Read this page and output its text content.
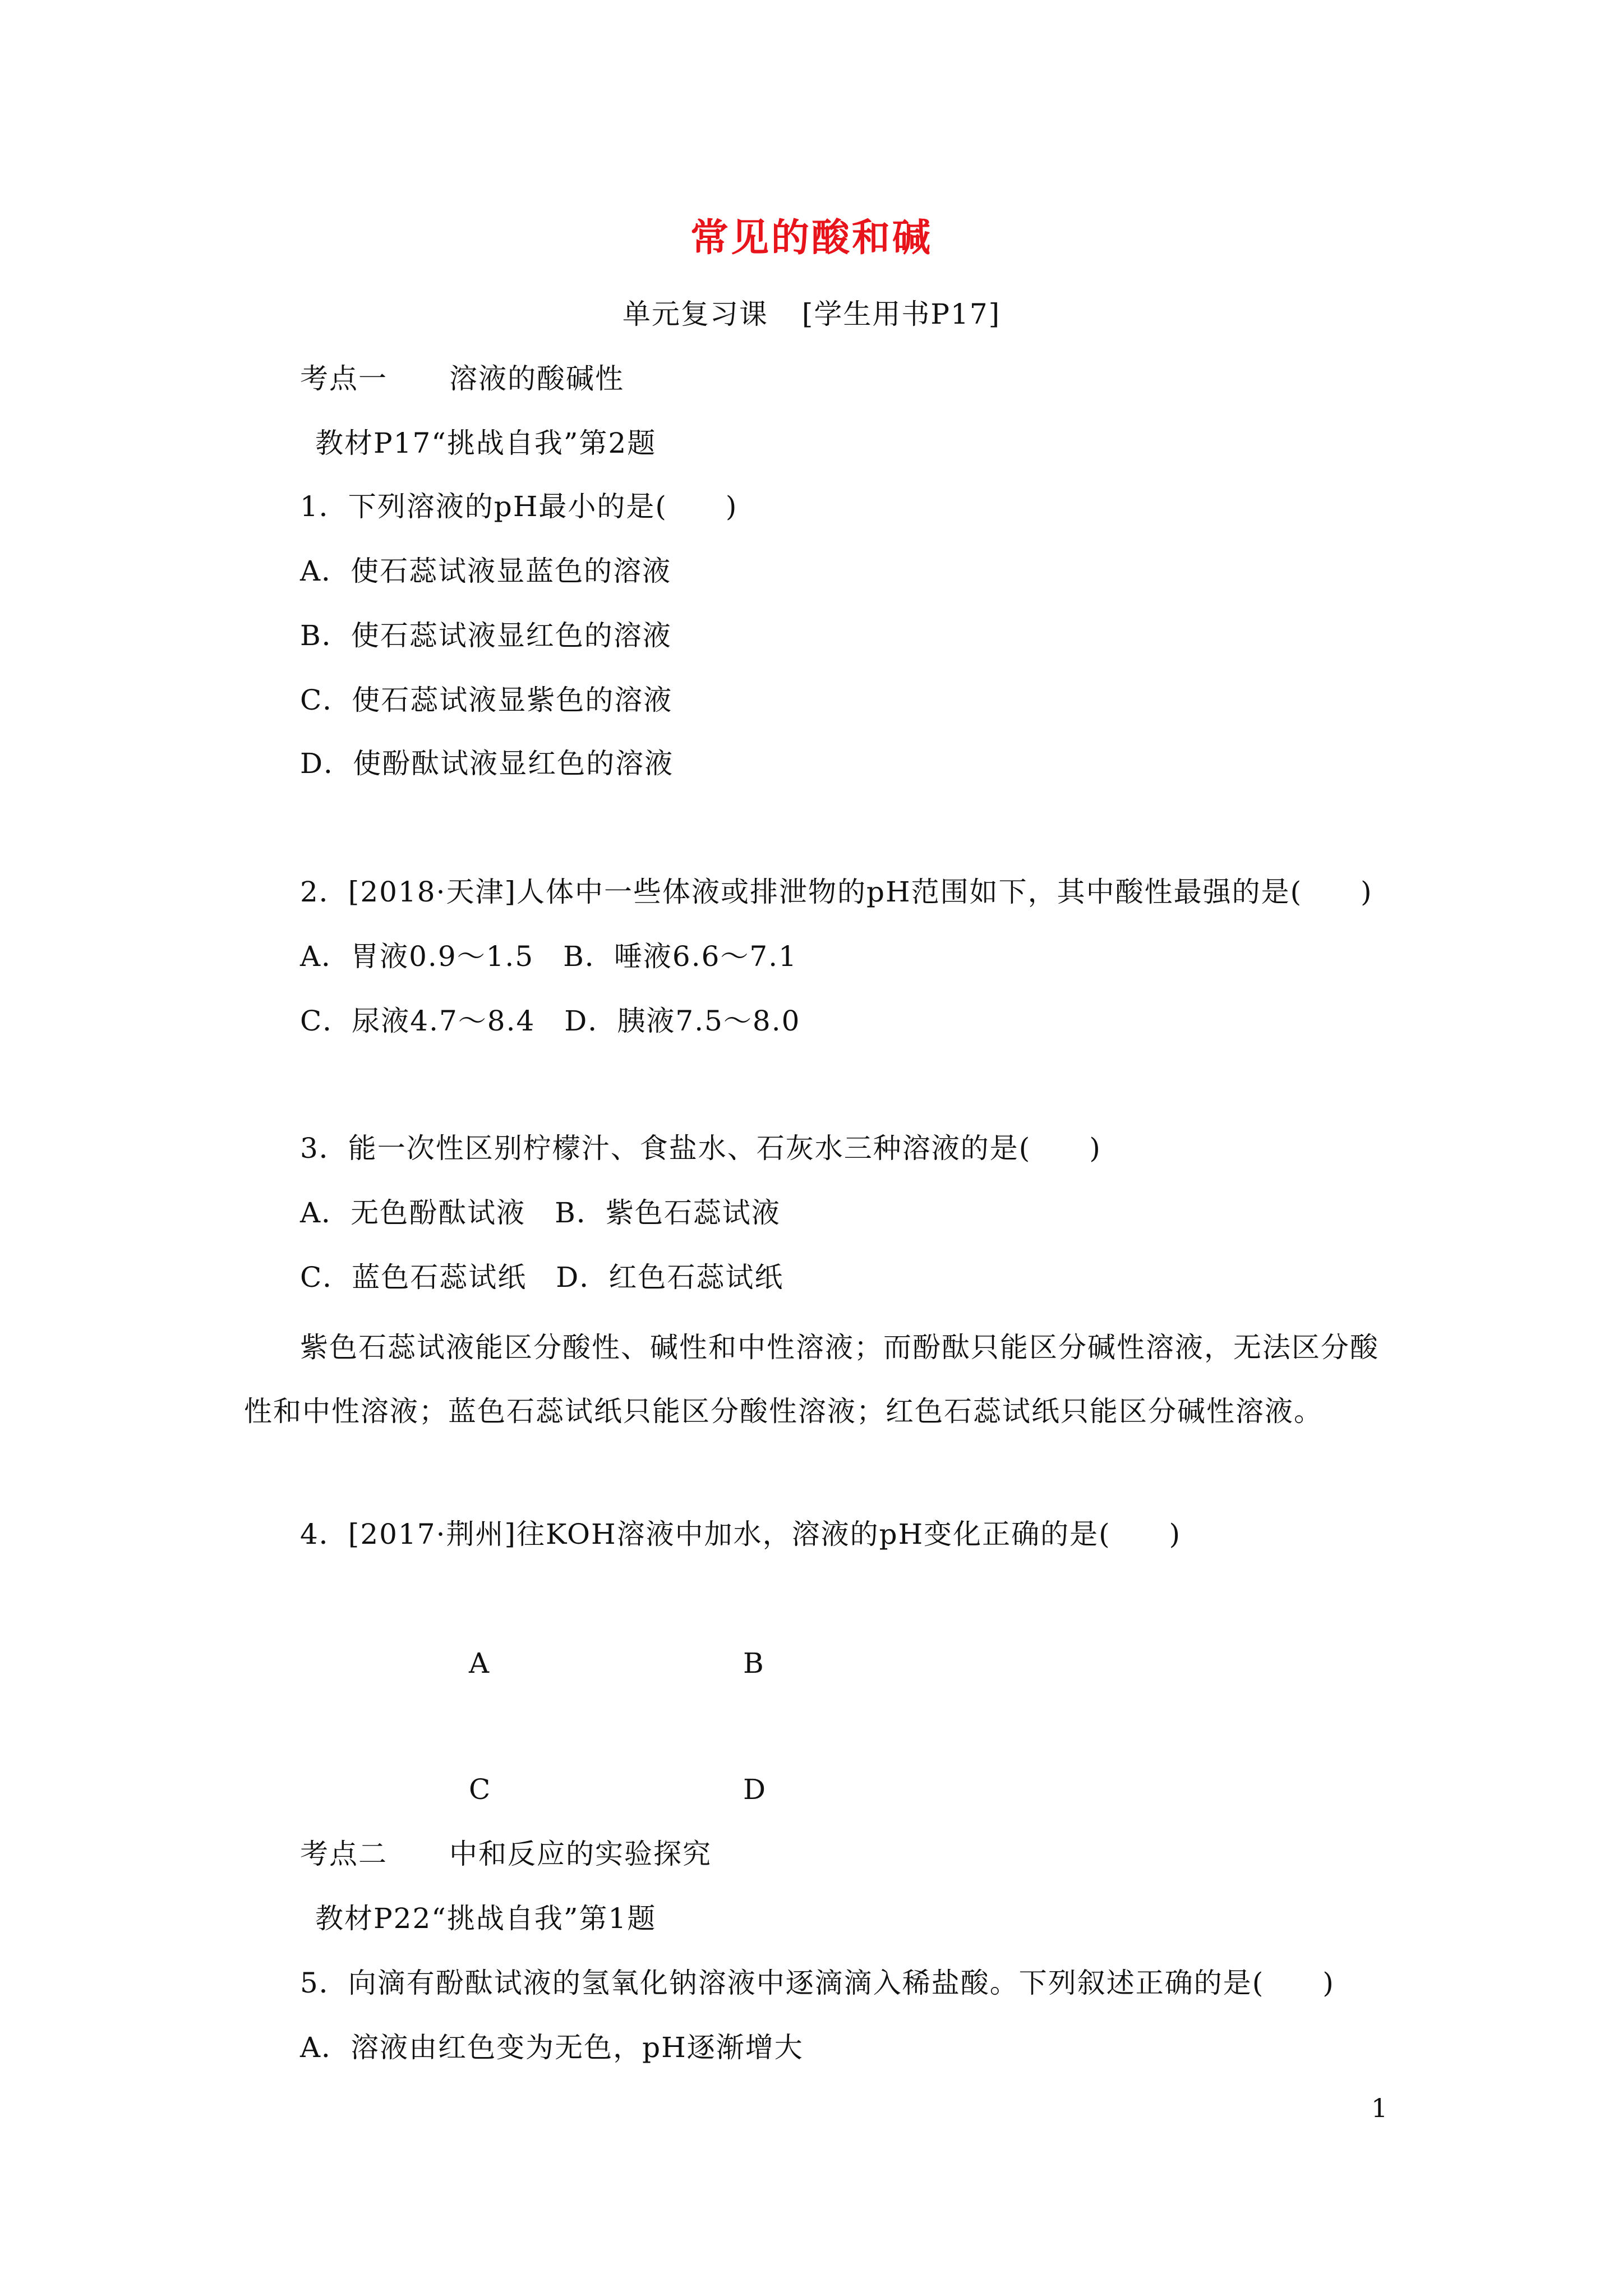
常见的酸和碱
单元复习课 [学生用书P17]
考点一 溶液的酸碱性
教材P17“挑战自我”第2题
1．下列溶液的pH最小的是(　　)
A．使石蕊试液显蓝色的溶液
B．使石蕊试液显红色的溶液
C．使石蕊试液显紫色的溶液
D．使酚酞试液显红色的溶液
2．[2018·天津]人体中一些体液或排泄物的pH范围如下，其中酸性最强的是(　　)
A．胃液0.9～1.5　B．唾液6.6～7.1
C．尿液4.7～8.4　D．胰液7.5～8.0
3．能一次性区别柠檬汁、食盐水、石灰水三种溶液的是(　　)
A．无色酚酞试液　B．紫色石蕊试液
C．蓝色石蕊试纸　D．红色石蕊试纸
紫色石蕊试液能区分酸性、碱性和中性溶液；而酚酞只能区分碱性溶液，无法区分酸性和中性溶液；蓝色石蕊试纸只能区分酸性溶液；红色石蕊试纸只能区分碱性溶液。
4．[2017·荆州]往KOH溶液中加水，溶液的pH变化正确的是(　　)
A	B
C	D
考点二 中和反应的实验探究
教材P22“挑战自我”第1题
5．向滴有酚酞试液的氢氧化钠溶液中逐滴滴入稀盐酸。下列叙述正确的是(　　)
A．溶液由红色变为无色，pH逐渐增大
1
